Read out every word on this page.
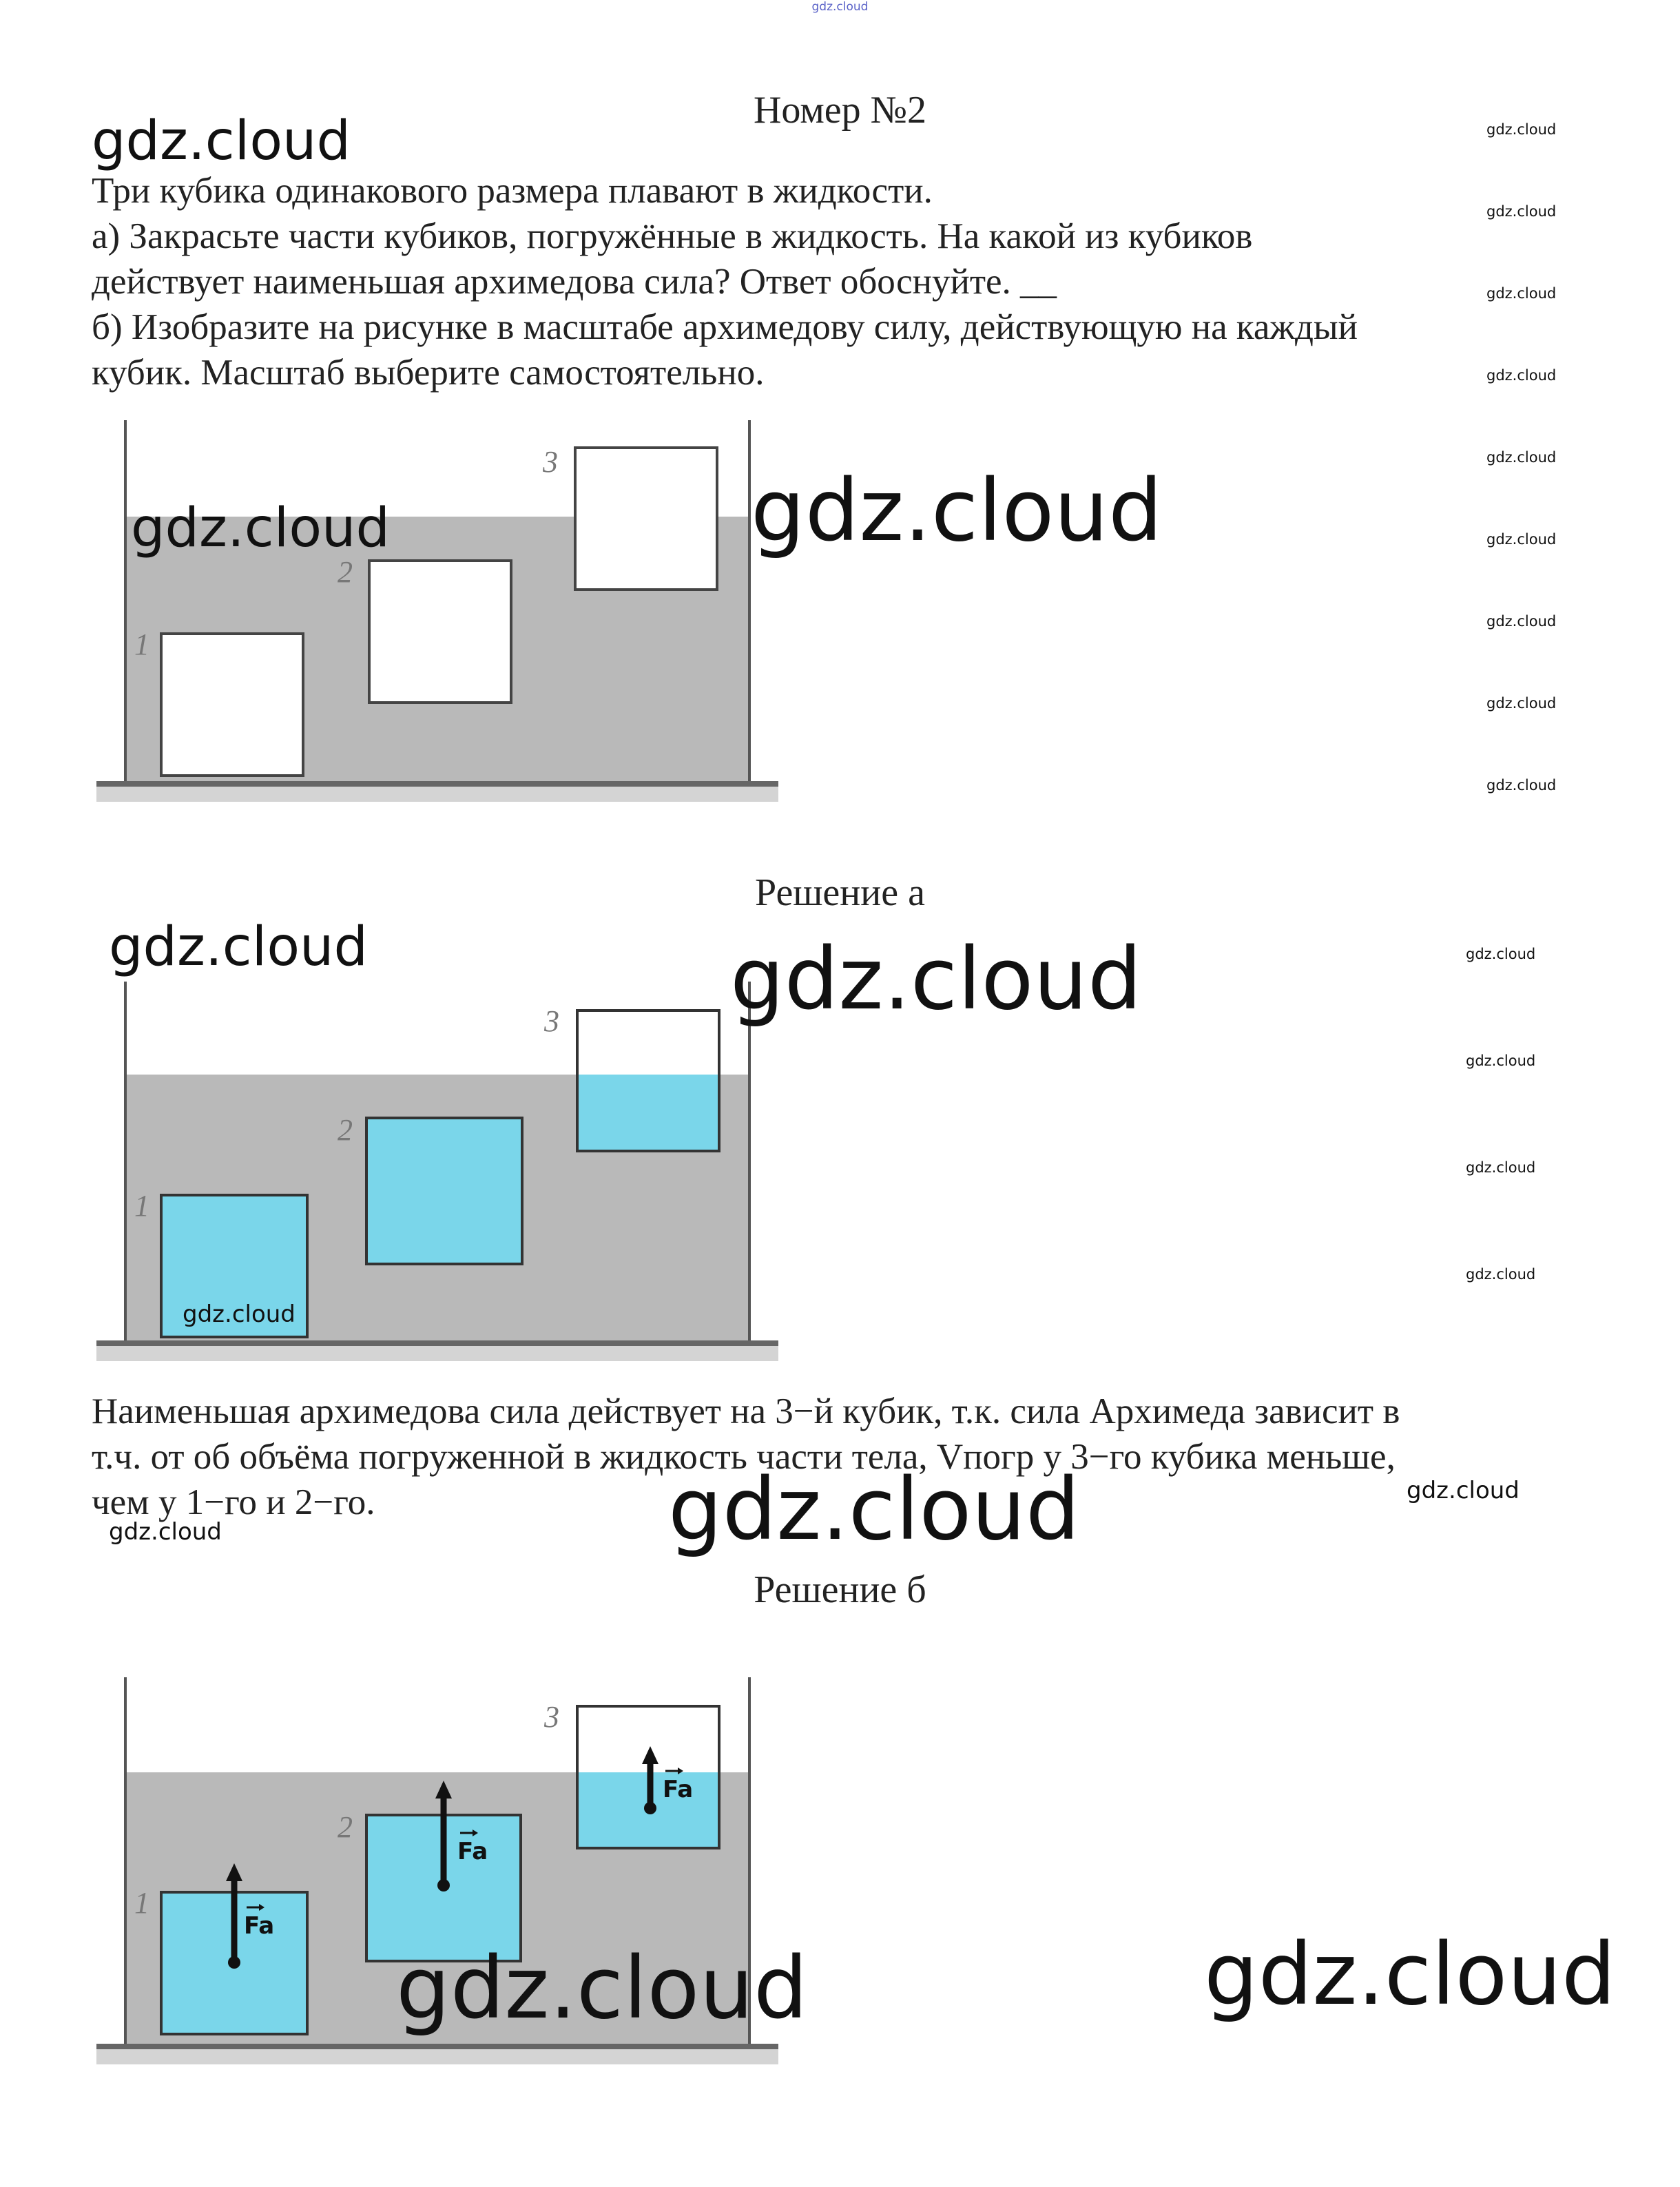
gdz.cloud
Номер №2
Три кубика одинакового размера плавают в жидкости.
а) Закрасьте части кубиков, погружённые в жидкость. На какой из кубиков
действует наименьшая архимедова сила? Ответ обоснуйте. __
б) Изобразите на рисунке в масштабе архимедову силу, действующую на каждый
кубик. Масштаб выберите самостоятельно.
1
2
3
Решение а
1
2
3
Наименьшая архимедова сила действует на 3−й кубик, т.к. сила Архимеда зависит в
т.ч. от об объёма погруженной в жидкость части тела, Vпогр у 3−го кубика меньше,
чем у 1−го и 2−го.
Решение б
1
2
3
Fa
Fa
Fa
gdz.cloud	gdz.cloud
gdz.cloud
gdz.cloud
gdz.cloud
gdz.cloud
gdz.cloud
gdz.cloud
gdz.cloud
gdz.cloud
gdz.cloud	gdz.cloud
gdz.cloud	gdz.cloud	gdz.cloud
gdz.cloud
gdz.cloud
gdz.cloud
gdz.cloud
gdz.cloud	gdz.cloud
gdz.cloud
gdz.cloud	gdz.cloud
